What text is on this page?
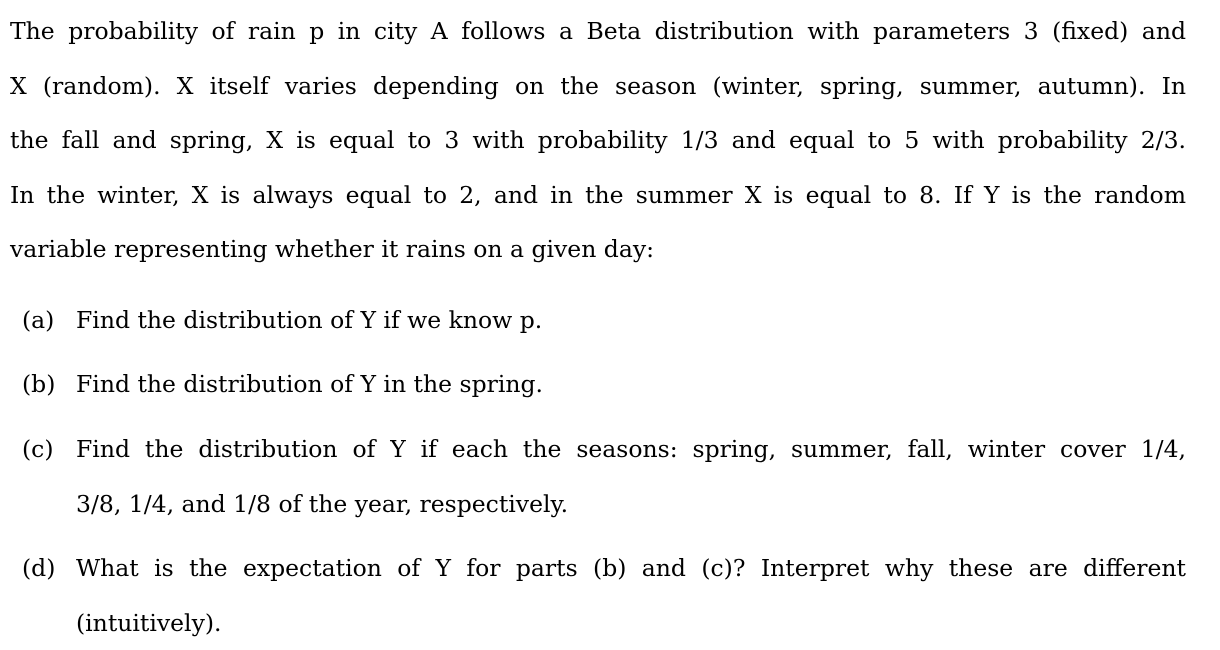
The probability of rain p in city A follows a Beta distribution with parameters 3 (fixed) and
X (random). X itself varies depending on the season (winter, spring, summer, autumn). In
the fall and spring, X is equal to 3 with probability 1/3 and equal to 5 with probability 2/3.
In the winter, X is always equal to 2, and in the summer X is equal to 8. If Y is the random
variable representing whether it rains on a given day:

(a) Find the distribution of Y if we know p.
(b) Find the distribution of Y in the spring.
(c) Find the distribution of Y if each the seasons: spring, summer, fall, winter cover 1/4,
3/8, 1/4, and 1/8 of the year, respectively.
(d) What is the expectation of Y for parts (b) and (c)? Interpret why these are different
(intuitively).
